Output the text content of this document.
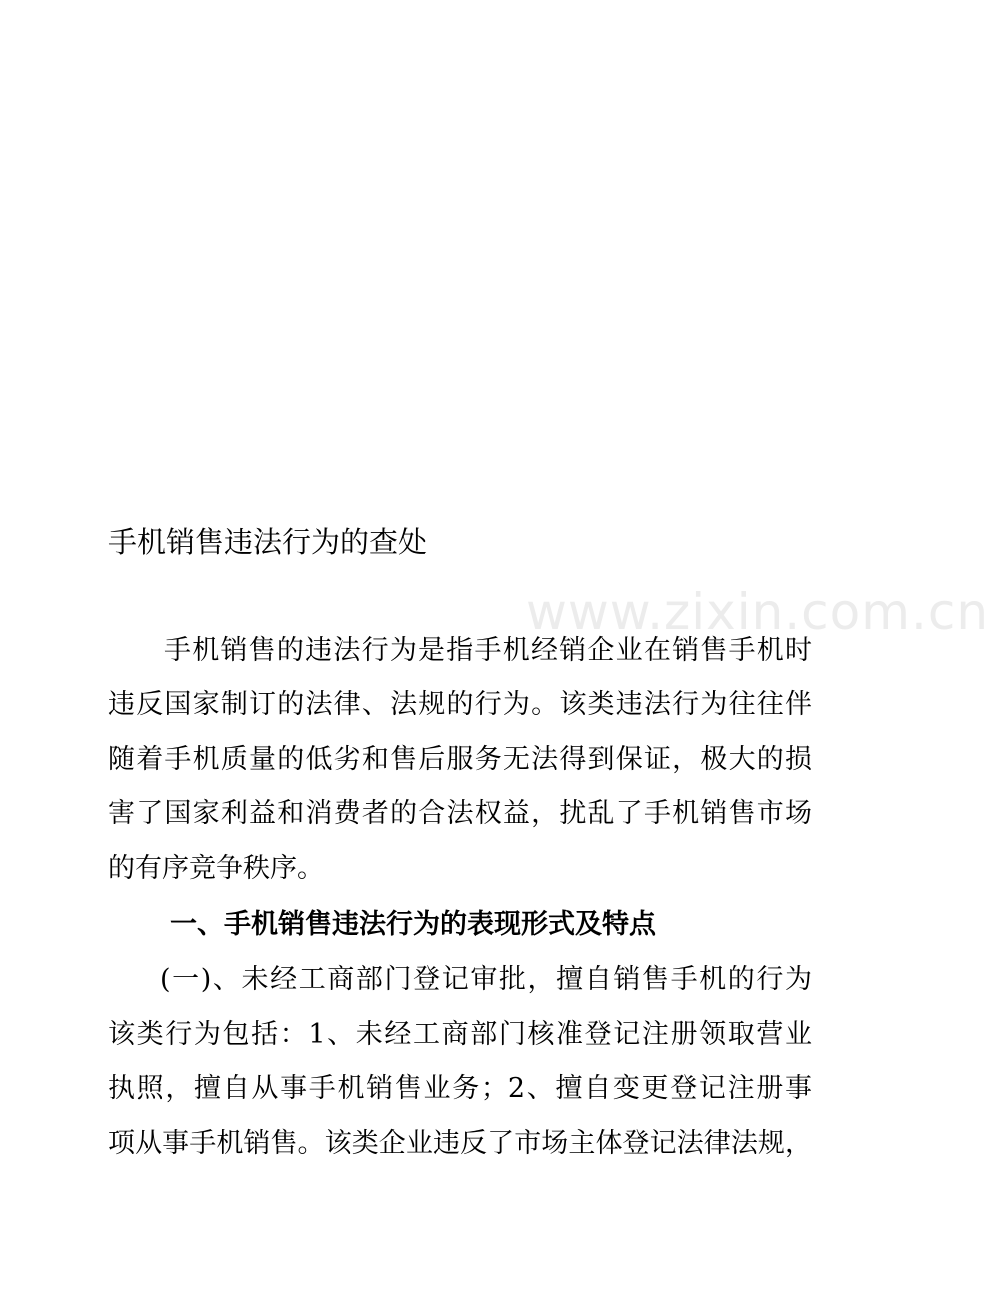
www.zixin.com.cn
手机销售违法行为的查处
手机销售的违法行为是指手机经销企业在销售手机时
违反国家制订的法律、法规的行为。该类违法行为往往伴
随着手机质量的低劣和售后服务无法得到保证，极大的损
害了国家利益和消费者的合法权益，扰乱了手机销售市场
的有序竞争秩序。
一、手机销售违法行为的表现形式及特点
(一)、未经工商部门登记审批，擅自销售手机的行为
该类行为包括：1、未经工商部门核准登记注册领取营业
执照，擅自从事手机销售业务；2、擅自变更登记注册事
项从事手机销售。该类企业违反了市场主体登记法律法规，
